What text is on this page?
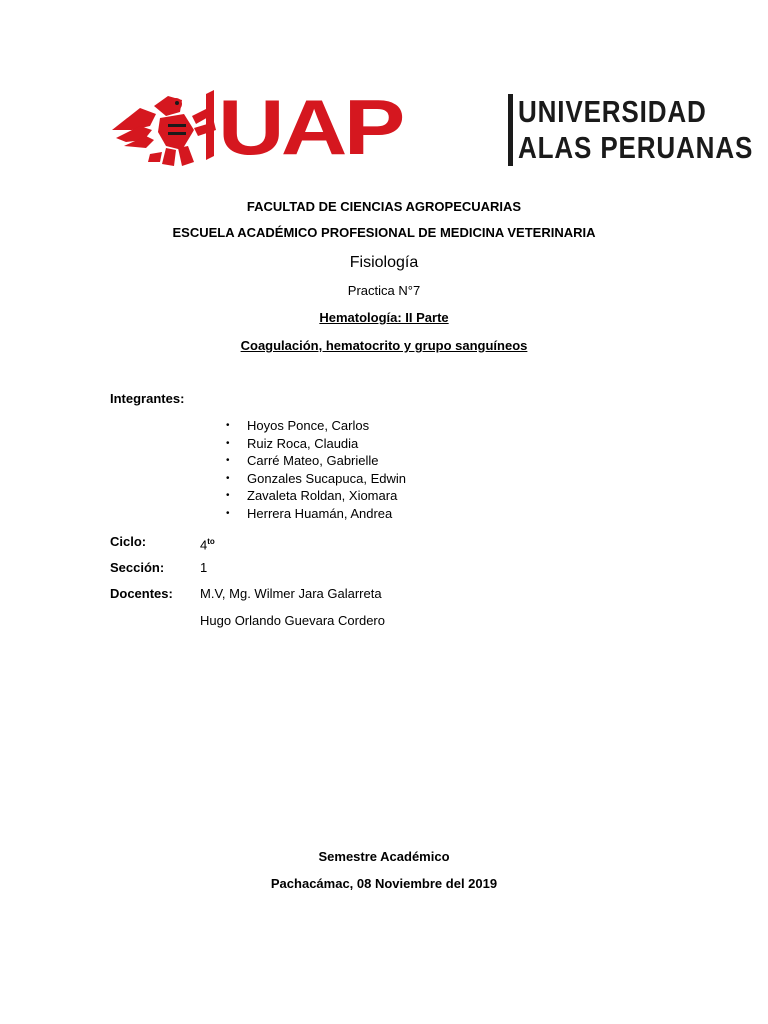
UAP	UNIVERSIDAD
ALAS PERUANAS
FACULTAD DE CIENCIAS AGROPECUARIAS
ESCUELA ACADÉMICO PROFESIONAL DE MEDICINA VETERINARIA
Fisiología
Practica N°7
Hematología: II Parte
Coagulación, hematocrito y grupo sanguíneos
Integrantes:
• Hoyos Ponce, Carlos
• Ruiz Roca, Claudia
• Carré Mateo, Gabrielle
• Gonzales Sucapuca, Edwin
• Zavaleta Roldan, Xiomara
• Herrera Huamán, Andrea
Ciclo:	$4^{to}$
Sección:	1
Docentes: M.V, Mg. Wilmer Jara Galarreta
Hugo Orlando Guevara Cordero
Semestre Académico
Pachacámac, 08 Noviembre del 2019
